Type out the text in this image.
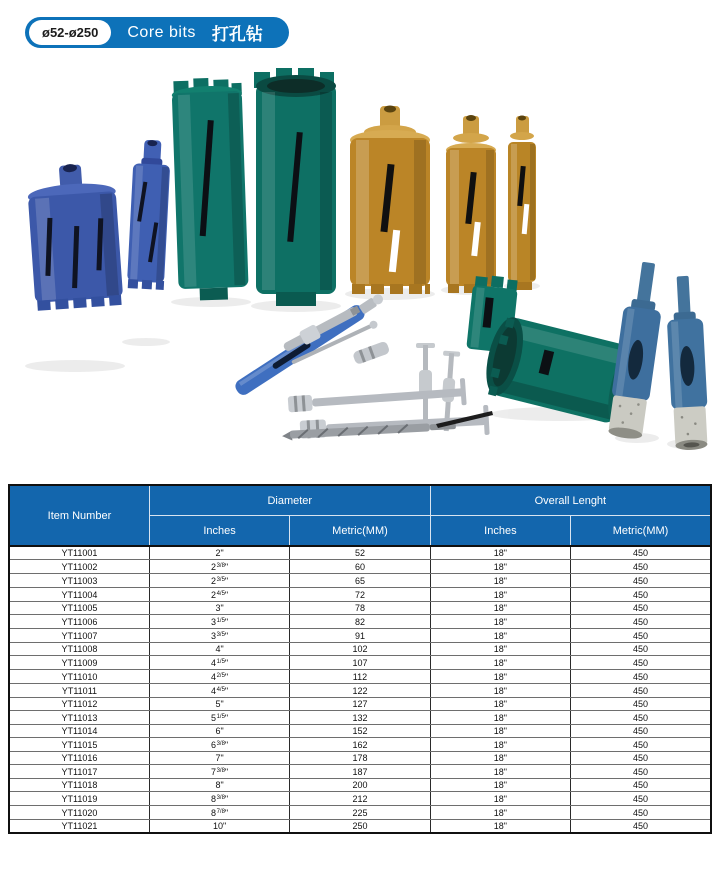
ø52-ø250	Core bits 打孔钻
Item Number	Diameter		Overall Lenght	
	Inches	Metric(MM)	Inches	Metric(MM)
YT11001	2"	52	18"	450
YT11002	$2^{3/8}$"	60	18"	450
YT11003	$2^{3/5}$"	65	18"	450
YT11004	$2^{4/5}$"	72	18"	450
YT11005	3"	78	18"	450
YT11006	$3^{1/5}$"	82	18"	450
YT11007	$3^{3/5}$"	91	18"	450
YT11008	4"	102	18"	450
YT11009	$4^{1/5}$"	107	18"	450
YT11010	$4^{2/5}$"	112	18"	450
YT11011	$4^{4/5}$"	122	18"	450
YT11012	5"	127	18"	450
YT11013	$5^{1/5}$"	132	18"	450
YT11014	6"	152	18"	450
YT11015	$6^{3/8}$"	162	18"	450
YT11016	7"	178	18"	450
YT11017	$7^{3/8}$"	187	18"	450
YT11018	8"	200	18"	450
YT11019	$8^{3/8}$"	212	18"	450
YT11020	$8^{7/8}$"	225	18"	450
YT11021	10"	250	18"	450
